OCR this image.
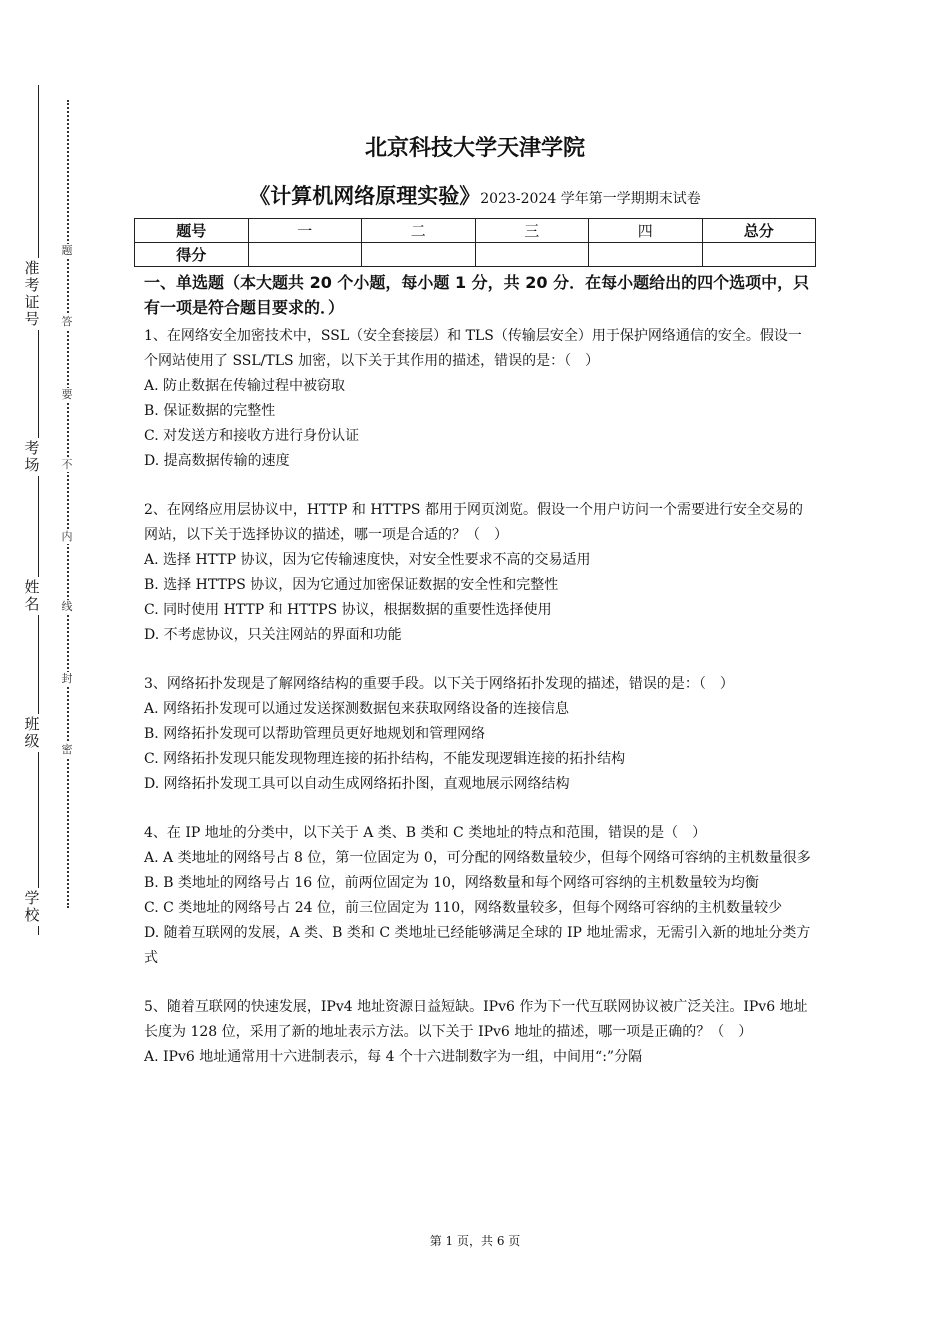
准考证号
考场
姓名
班级
学校
题
答
要
不
内
线
封
密
北京科技大学天津学院
《计算机网络原理实验》2023-2024 学年第一学期期末试卷
题号	一	二	三	四	总分
得分					

一、单选题（本大题共 20 个小题，每小题 1 分，共 20 分．在每小题给出的四个选项中，只有一项是符合题目要求的．）

1、在网络安全加密技术中，SSL（安全套接层）和 TLS（传输层安全）用于保护网络通信的安全。假设一个网站使用了 SSL/TLS 加密，以下关于其作用的描述，错误的是：（　）

A. 防止数据在传输过程中被窃取

B. 保证数据的完整性

C. 对发送方和接收方进行身份认证

D. 提高数据传输的速度

2、在网络应用层协议中，HTTP 和 HTTPS 都用于网页浏览。假设一个用户访问一个需要进行安全交易的网站，以下关于选择协议的描述，哪一项是合适的？（　）

A. 选择 HTTP 协议，因为它传输速度快，对安全性要求不高的交易适用

B. 选择 HTTPS 协议，因为它通过加密保证数据的安全性和完整性

C. 同时使用 HTTP 和 HTTPS 协议，根据数据的重要性选择使用

D. 不考虑协议，只关注网站的界面和功能

3、网络拓扑发现是了解网络结构的重要手段。以下关于网络拓扑发现的描述，错误的是：（　）

A. 网络拓扑发现可以通过发送探测数据包来获取网络设备的连接信息

B. 网络拓扑发现可以帮助管理员更好地规划和管理网络

C. 网络拓扑发现只能发现物理连接的拓扑结构，不能发现逻辑连接的拓扑结构

D. 网络拓扑发现工具可以自动生成网络拓扑图，直观地展示网络结构

4、在 IP 地址的分类中，以下关于 A 类、B 类和 C 类地址的特点和范围，错误的是（　）

A. A 类地址的网络号占 8 位，第一位固定为 0，可分配的网络数量较少，但每个网络可容纳的主机数量很多

B. B 类地址的网络号占 16 位，前两位固定为 10，网络数量和每个网络可容纳的主机数量较为均衡

C. C 类地址的网络号占 24 位，前三位固定为 110，网络数量较多，但每个网络可容纳的主机数量较少

D. 随着互联网的发展，A 类、B 类和 C 类地址已经能够满足全球的 IP 地址需求，无需引入新的地址分类方式

5、随着互联网的快速发展，IPv4 地址资源日益短缺。IPv6 作为下一代互联网协议被广泛关注。IPv6 地址长度为 128 位，采用了新的地址表示方法。以下关于 IPv6 地址的描述，哪一项是正确的？（　）

A. IPv6 地址通常用十六进制表示，每 4 个十六进制数字为一组，中间用“:”分隔

第 1 页，共 6 页
